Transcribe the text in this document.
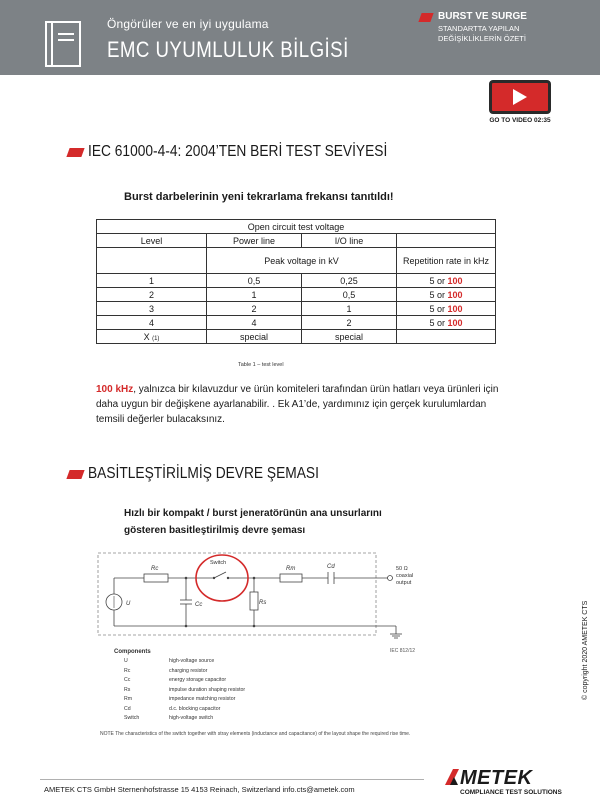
Öngörüler ve en iyi uygulama
EMC UYUMLULUK BİLGİSİ
BURST VE SURGE
STANDARTTA YAPILAN DEĞİŞİKLİKLERİN ÖZETİ
GO TO VIDEO 02:35
IEC 61000-4-4: 2004’TEN BERİ TEST SEVİYESİ
Burst darbelerinin yeni tekrarlama frekansı tanıtıldı!
Open circuit test voltage			
Level	Power line	I/O line	
	Peak voltage in kV		Repetition rate in kHz
1	0,5	0,25	5 or 100
2	1	0,5	5 or 100
3	2	1	5 or 100
4	4	2	5 or 100
X (1)	special	special	
Table 1 – test level
100 kHz, yalnızca bir kılavuzdur ve ürün komiteleri tarafından ürün hatları veya ürünleri için daha uygun bir değişkene ayarlanabilir. . Ek A1’de, yardımınız için gerçek kurulumlardan temsili değerler bulacaksınız.
BASİTLEŞTİRİLMİŞ DEVRE ŞEMASI
Hızlı bir kompakt / burst jeneratörünün ana unsurlarını gösteren basitleştirilmiş devre şeması
U
Rc
Cc	Rs
Rm	Cd
Switch
50 Ω
coaxial
output
IEC 812/12
Components
U	high-voltage source
Rc	charging resistor
Cc	energy storage capacitor
Rs	impulse duration shaping resistor
Rm	impedance matching resistor
Cd	d.c. blocking capacitor
Switch	high-voltage switch
NOTE The characteristics of the switch together with stray elements (inductance and capacitance) of the layout shape the required rise time.
© copyright 2020 AMETEK CTS
AMETEK CTS GmbH Sternenhofstrasse 15 4153 Reinach, Switzerland info.cts@ametek.com
METEK
COMPLIANCE TEST SOLUTIONS
